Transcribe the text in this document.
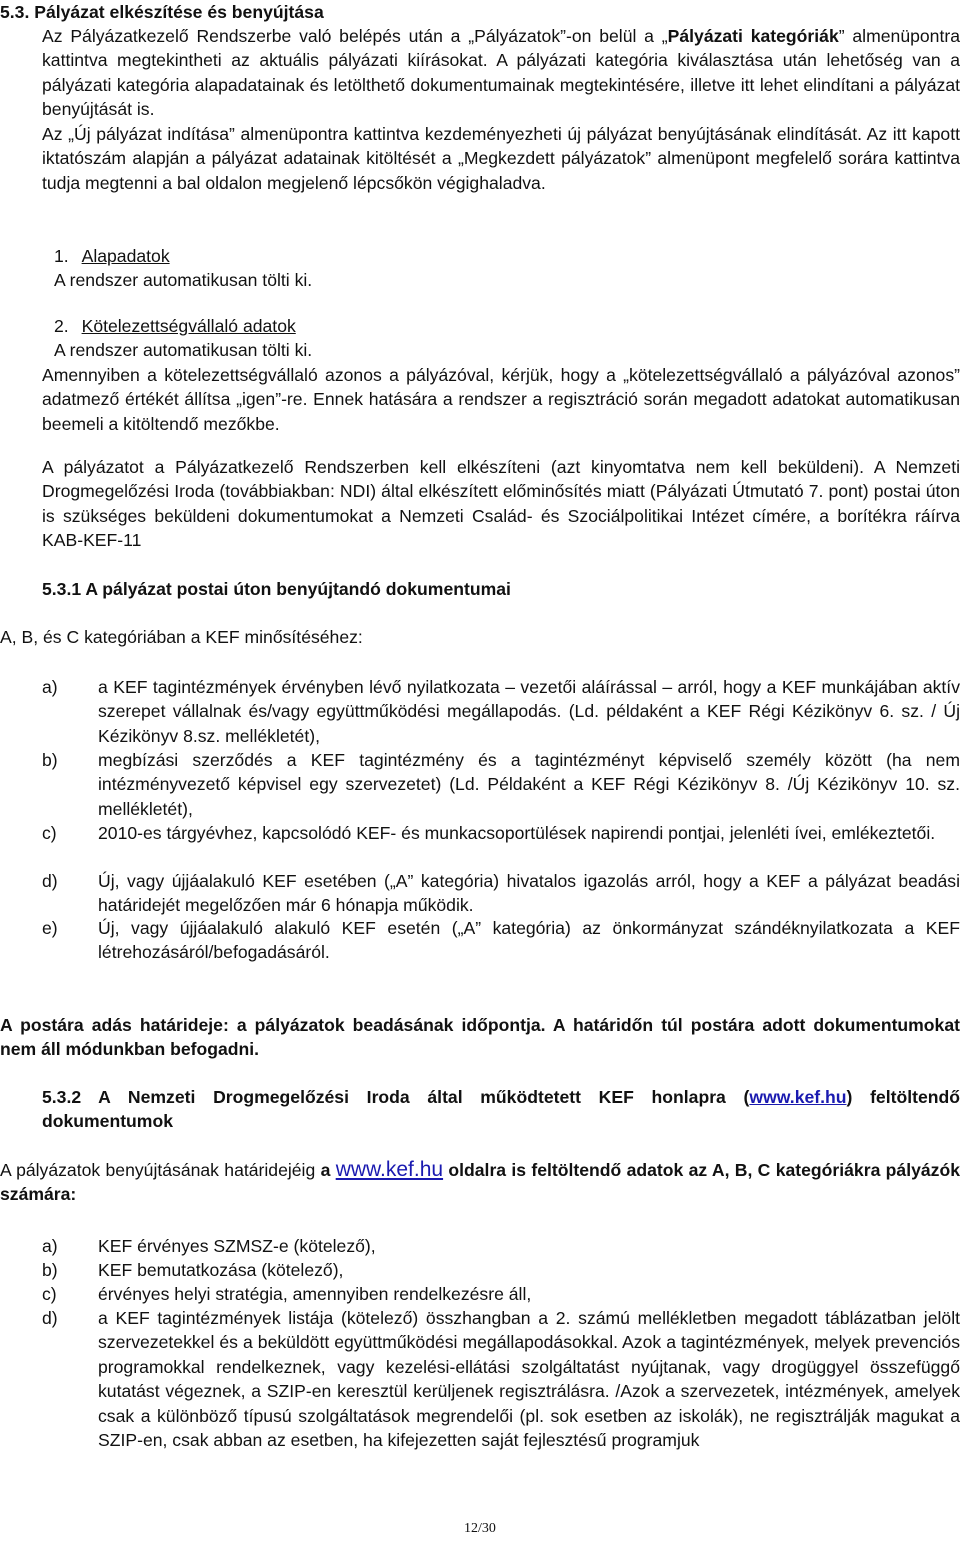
5.3. Pályázat elkészítése és benyújtása
Az Pályázatkezelő Rendszerbe való belépés után a „Pályázatok”-on belül a „Pályázati kategóriák” almenüpontra kattintva megtekintheti az aktuális pályázati kiírásokat. A pályázati kategória kiválasztása után lehetőség van a pályázati kategória alapadatainak és letölthető dokumentumainak megtekintésére, illetve itt lehet elindítani a pályázat benyújtását is.
Az „Új pályázat indítása” almenüpontra kattintva kezdeményezheti új pályázat benyújtásának elindítását. Az itt kapott iktatószám alapján a pályázat adatainak kitöltését a „Megkezdett pályázatok” almenüpont megfelelő sorára kattintva tudja megtenni a bal oldalon megjelenő lépcsőkön végighaladva.
1. Alapadatok
A rendszer automatikusan tölti ki.
2. Kötelezettségvállaló adatok
A rendszer automatikusan tölti ki.
Amennyiben a kötelezettségvállaló azonos a pályázóval, kérjük, hogy a „kötelezettségvállaló a pályázóval azonos” adatmező értékét állítsa „igen”-re. Ennek hatására a rendszer a regisztráció során megadott adatokat automatikusan beemeli a kitöltendő mezőkbe.
A pályázatot a Pályázatkezelő Rendszerben kell elkészíteni (azt kinyomtatva nem kell beküldeni). A Nemzeti Drogmegelőzési Iroda (továbbiakban: NDI) által elkészített előminősítés miatt (Pályázati Útmutató 7. pont) postai úton is szükséges beküldeni dokumentumokat a Nemzeti Család- és Szociálpolitikai Intézet címére, a borítékra ráírva KAB-KEF-11
5.3.1 A pályázat postai úton benyújtandó dokumentumai
A, B, és C kategóriában a KEF minősítéséhez:
a)	a KEF tagintézmények érvényben lévő nyilatkozata – vezetői aláírással – arról, hogy a KEF munkájában aktív szerepet vállalnak és/vagy együttműködési megállapodás. (Ld. példaként a KEF Régi Kézikönyv 6. sz. / Új Kézikönyv 8.sz. mellékletét),
b)	megbízási szerződés a KEF tagintézmény és a tagintézményt képviselő személy között (ha nem intézményvezető képvisel egy szervezetet) (Ld. Példaként a KEF Régi Kézikönyv 8. /Új Kézikönyv 10. sz. mellékletét),
c)	2010-es tárgyévhez, kapcsolódó KEF- és munkacsoportülések napirendi pontjai, jelenléti ívei, emlékeztetői.
d)	Új, vagy újjáalakuló KEF esetében („A” kategória) hivatalos igazolás arról, hogy a KEF a pályázat beadási határidejét megelőzően már 6 hónapja működik.
e)	Új, vagy újjáalakuló alakuló KEF esetén („A” kategória) az önkormányzat szándéknyilatkozata a KEF létrehozásáról/befogadásáról.
A postára adás határideje: a pályázatok beadásának időpontja. A határidőn túl postára adott dokumentumokat nem áll módunkban befogadni.
5.3.2 A Nemzeti Drogmegelőzési Iroda által működtetett KEF honlapra (www.kef.hu) feltöltendő dokumentumok
A pályázatok benyújtásának határidejéig a www.kef.hu oldalra is feltöltendő adatok az A, B, C kategóriákra pályázók számára:
a)	KEF érvényes SZMSZ-e (kötelező),
b)	KEF bemutatkozása (kötelező),
c)	érvényes helyi stratégia, amennyiben rendelkezésre áll,
d)	a KEF tagintézmények listája (kötelező) összhangban a 2. számú mellékletben megadott táblázatban jelölt szervezetekkel és a beküldött együttműködési megállapodásokkal. Azok a tagintézmények, melyek prevenciós programokkal rendelkeznek, vagy kezelési-ellátási szolgáltatást nyújtanak, vagy drogüggyel összefüggő kutatást végeznek, a SZIP-en keresztül kerüljenek regisztrálásra. /Azok a szervezetek, intézmények, amelyek csak a különböző típusú szolgáltatások megrendelői (pl. sok esetben az iskolák), ne regisztrálják magukat a SZIP-en, csak abban az esetben, ha kifejezetten saját fejlesztésű programjuk
12/30
